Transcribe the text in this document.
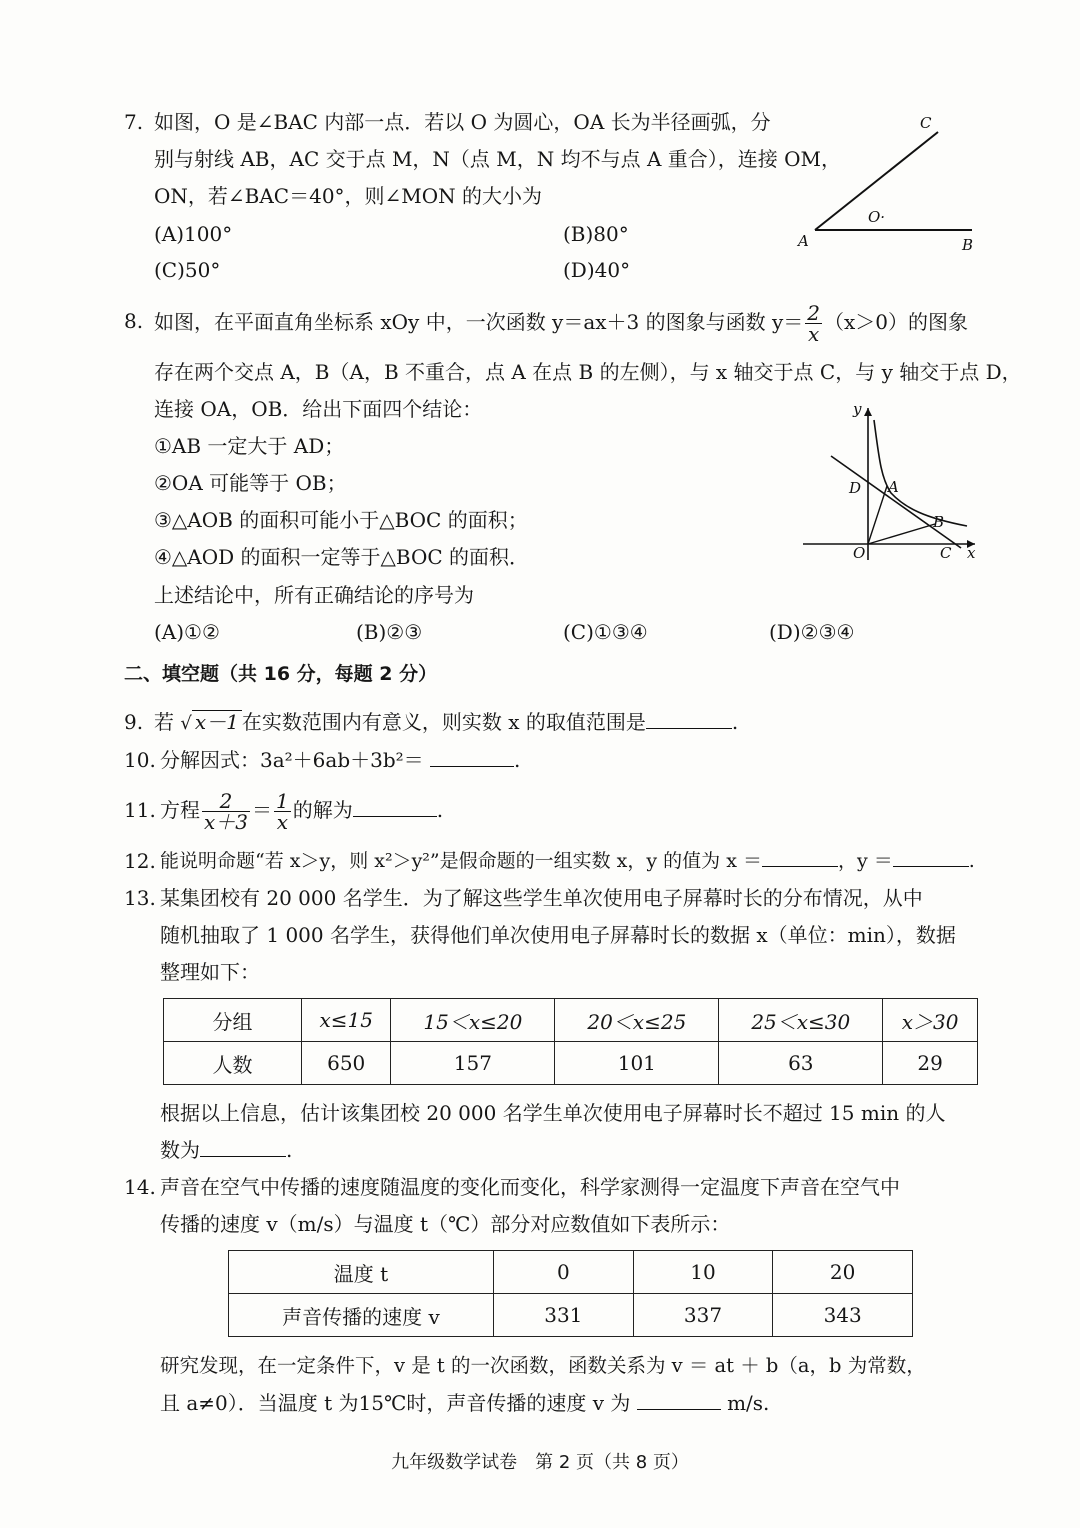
7. 如图，O 是∠BAC 内部一点．若以 O 为圆心，OA 长为半径画弧，分
别与射线 AB，AC 交于点 M，N（点 M，N 均不与点 A 重合），连接 OM，
ON，若∠BAC＝40°，则∠MON 的大小为
(A)100°	(B)80°
(C)50°	(D)40°
C
O·
A	B
8. 如图，在平面直角坐标系 xOy 中，一次函数 y＝ax＋3 的图象与函数 $y= \frac{2}{x} (x>0)$的图象
存在两个交点 A，B（A，B 不重合，点 A 在点 B 的左侧），与 x 轴交于点 C，与 y 轴交于点 D，
连接 OA，OB．给出下面四个结论：
①AB 一定大于 AD；
②OA 可能等于 OB；
③△AOB 的面积可能小于△BOC 的面积；
④△AOD 的面积一定等于△BOC 的面积．
上述结论中，所有正确结论的序号为
(A)①②	(B)②③	(C)①③④	(D)②③④
y
D A
B
O	C x
二、填空题（共 16 分，每题 2 分）
9. 若 √ x－1 在实数范围内有意义，则实数 x 的取值范围是	.
10. 分解因式：3a²＋6ab＋3b²＝	.
11. 方程 $\frac{2}{x+3} = \frac{1}{x}$ 的解为	.
12. 能说明命题“若 x＞y，则 x²＞y²”是假命题的一组实数 x，y 的值为 x ＝	，y ＝	.
13. 某集团校有 20 000 名学生．为了解这些学生单次使用电子屏幕时长的分布情况，从中
随机抽取了 1 000 名学生，获得他们单次使用电子屏幕时长的数据 x（单位：min），数据
整理如下：
分组	x≤15	15＜x≤20	20＜x≤25	25＜x≤30	x＞30
人数	650	157	101	63	29
根据以上信息，估计该集团校 20 000 名学生单次使用电子屏幕时长不超过 15 min 的人
数为	.
14. 声音在空气中传播的速度随温度的变化而变化，科学家测得一定温度下声音在空气中
传播的速度 v（m/s）与温度 t（℃）部分对应数值如下表所示：
温度 t	0	10	20
声音传播的速度 v	331	337	343
研究发现，在一定条件下，v 是 t 的一次函数，函数关系为 v ＝ at ＋ b（a，b 为常数，
且 a≠0）．当温度 t 为15℃时，声音传播的速度 v 为	m/s.
九年级数学试卷　第 2 页（共 8 页）
